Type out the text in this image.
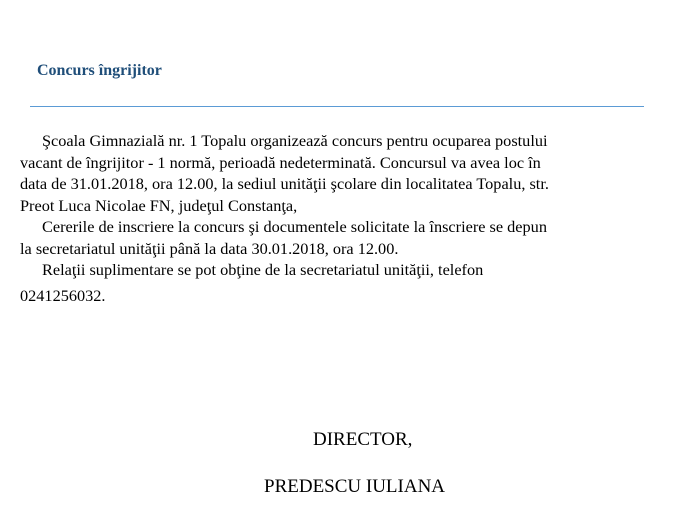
Concurs îngrijitor
Şcoala Gimnazială nr. 1 Topalu organizează concurs pentru ocuparea postului
vacant de îngrijitor - 1 normă, perioadă nedeterminată. Concursul va avea loc în
data de 31.01.2018, ora 12.00, la sediul unităţii şcolare din localitatea Topalu, str.
Preot Luca Nicolae FN, judeţul Constanţa,
Cererile de inscriere la concurs şi documentele solicitate la înscriere se depun
la secretariatul unităţii până la data 30.01.2018, ora 12.00.
Relaţii suplimentare se pot obţine de la secretariatul unităţii, telefon
0241256032.
DIRECTOR,
PREDESCU IULIANA
